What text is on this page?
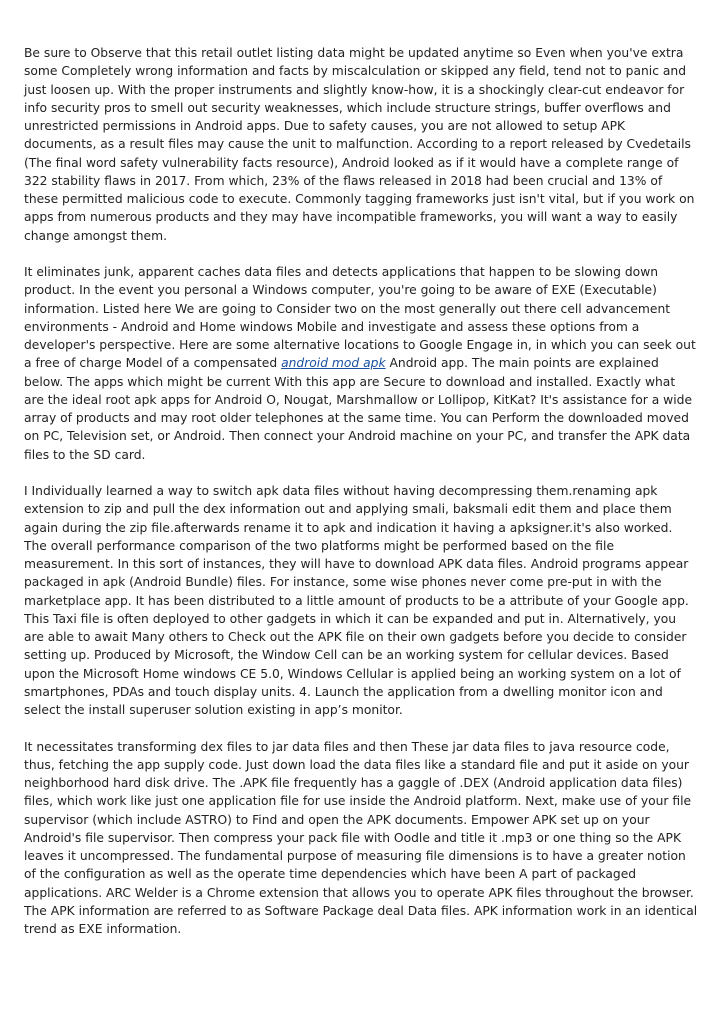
Be sure to Observe that this retail outlet listing data might be updated anytime so Even when you've extra some Completely wrong information and facts by miscalculation or skipped any field, tend not to panic and just loosen up. With the proper instruments and slightly know-how, it is a shockingly clear-cut endeavor for info security pros to smell out security weaknesses, which include structure strings, buffer overflows and unrestricted permissions in Android apps. Due to safety causes, you are not allowed to setup APK documents, as a result files may cause the unit to malfunction. According to a report released by Cvedetails (The final word safety vulnerability facts resource), Android looked as if it would have a complete range of 322 stability flaws in 2017. From which, 23% of the flaws released in 2018 had been crucial and 13% of these permitted malicious code to execute. Commonly tagging frameworks just isn't vital, but if you work on apps from numerous products and they may have incompatible frameworks, you will want a way to easily change amongst them.

It eliminates junk, apparent caches data files and detects applications that happen to be slowing down product. In the event you personal a Windows computer, you're going to be aware of EXE (Executable) information. Listed here We are going to Consider two on the most generally out there cell advancement environments - Android and Home windows Mobile and investigate and assess these options from a developer's perspective. Here are some alternative locations to Google Engage in, in which you can seek out a free of charge Model of a compensated android mod apk Android app. The main points are explained below. The apps which might be current With this app are Secure to download and installed. Exactly what are the ideal root apk apps for Android O, Nougat, Marshmallow or Lollipop, KitKat? It's assistance for a wide array of products and may root older telephones at the same time. You can Perform the downloaded moved on PC, Television set, or Android. Then connect your Android machine on your PC, and transfer the APK data files to the SD card.

I Individually learned a way to switch apk data files without having decompressing them.renaming apk extension to zip and pull the dex information out and applying smali, baksmali edit them and place them again during the zip file.afterwards rename it to apk and indication it having a apksigner.it's also worked. The overall performance comparison of the two platforms might be performed based on the file measurement. In this sort of instances, they will have to download APK data files. Android programs appear packaged in apk (Android Bundle) files. For instance, some wise phones never come pre-put in with the marketplace app. It has been distributed to a little amount of products to be a attribute of your Google app. This Taxi file is often deployed to other gadgets in which it can be expanded and put in. Alternatively, you are able to await Many others to Check out the APK file on their own gadgets before you decide to consider setting up. Produced by Microsoft, the Window Cell can be an working system for cellular devices. Based upon the Microsoft Home windows CE 5.0, Windows Cellular is applied being an working system on a lot of smartphones, PDAs and touch display units. 4. Launch the application from a dwelling monitor icon and select the install superuser solution existing in app’s monitor.

It necessitates transforming dex files to jar data files and then These jar data files to java resource code, thus, fetching the app supply code. Just down load the data files like a standard file and put it aside on your neighborhood hard disk drive. The .APK file frequently has a gaggle of .DEX (Android application data files) files, which work like just one application file for use inside the Android platform. Next, make use of your file supervisor (which include ASTRO) to Find and open the APK documents. Empower APK set up on your Android's file supervisor. Then compress your pack file with Oodle and title it .mp3 or one thing so the APK leaves it uncompressed. The fundamental purpose of measuring file dimensions is to have a greater notion of the configuration as well as the operate time dependencies which have been A part of packaged applications. ARC Welder is a Chrome extension that allows you to operate APK files throughout the browser. The APK information are referred to as Software Package deal Data files. APK information work in an identical trend as EXE information.
